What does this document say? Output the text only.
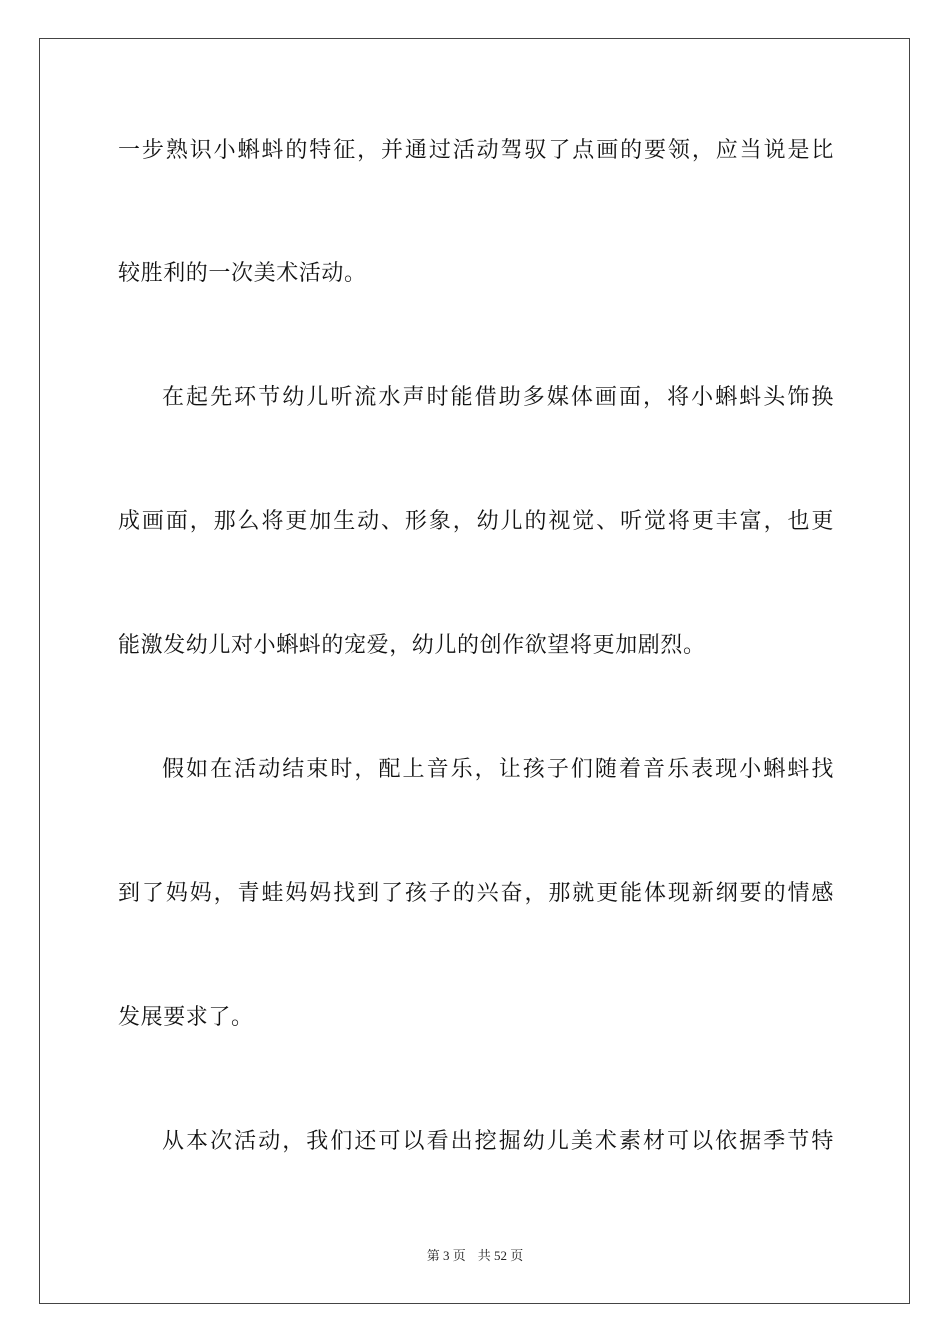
一步熟识小蝌蚪的特征，并通过活动驾驭了点画的要领，应当说是比
较胜利的一次美术活动。
在起先环节幼儿听流水声时能借助多媒体画面，将小蝌蚪头饰换
成画面，那么将更加生动、形象，幼儿的视觉、听觉将更丰富，也更
能激发幼儿对小蝌蚪的宠爱，幼儿的创作欲望将更加剧烈。
假如在活动结束时，配上音乐，让孩子们随着音乐表现小蝌蚪找
到了妈妈，青蛙妈妈找到了孩子的兴奋，那就更能体现新纲要的情感
发展要求了。
从本次活动，我们还可以看出挖掘幼儿美术素材可以依据季节特
第 3 页 共 52 页
